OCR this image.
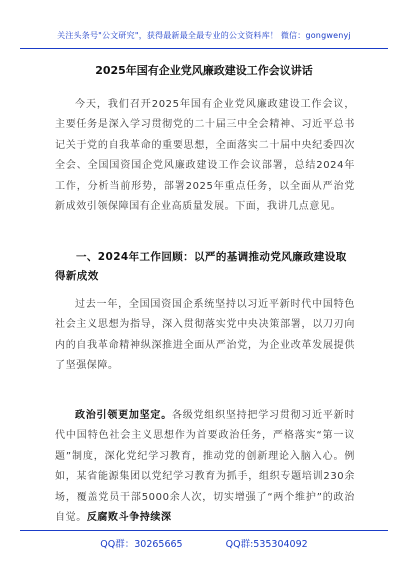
关注头条号"公文研究"，获得最新最全最专业的公文资料库！ 微信：gongwenyj
2025年国有企业党风廉政建设工作会议讲话

今天，我们召开2025年国有企业党风廉政建设工作会议，主要任务是深入学习贯彻党的二十届三中全会精神、习近平总书记关于党的自我革命的重要思想，全面落实二十届中央纪委四次全会、全国国资国企党风廉政建设工作会议部署，总结2024年工作，分析当前形势，部署2025年重点任务，以全面从严治党新成效引领保障国有企业高质量发展。下面，我讲几点意见。

一、2024年工作回顾：以严的基调推动党风廉政建设取得新成效

过去一年，全国国资国企系统坚持以习近平新时代中国特色社会主义思想为指导，深入贯彻落实党中央决策部署，以刀刃向内的自我革命精神纵深推进全面从严治党，为企业改革发展提供了坚强保障。

政治引领更加坚定。各级党组织坚持把学习贯彻习近平新时代中国特色社会主义思想作为首要政治任务，严格落实“第一议题”制度，深化党纪学习教育，推动党的创新理论入脑入心。例如，某省能源集团以党纪学习教育为抓手，组织专题培训230余场，覆盖党员干部5000余人次，切实增强了“两个维护”的政治自觉。反腐败斗争持续深

QQ群：30265665	QQ群:535304092
